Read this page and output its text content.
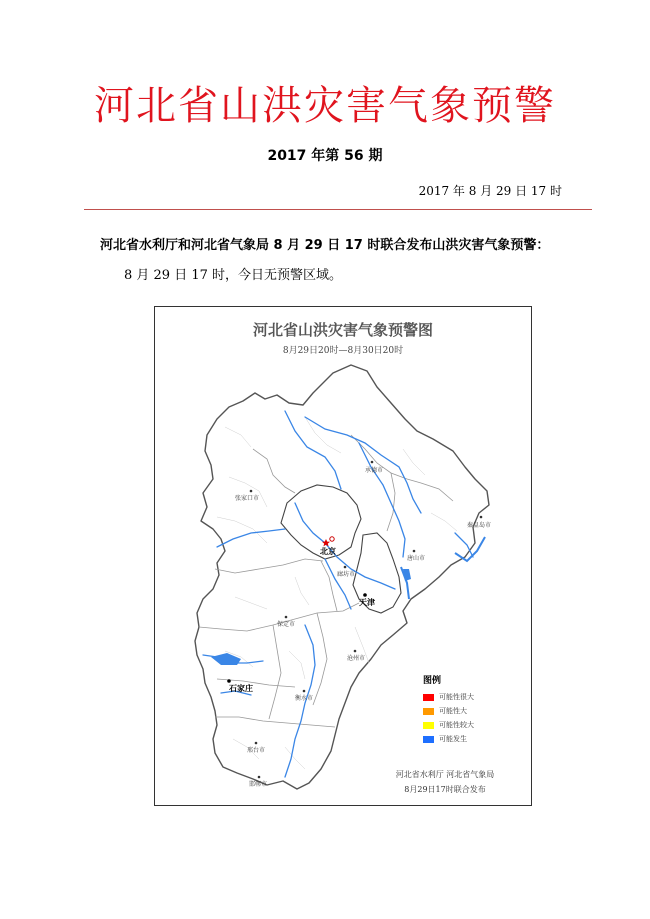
河北省山洪灾害气象预警
2017 年第 56 期
2017 年 8 月 29 日 17 时
河北省水利厅和河北省气象局 8 月 29 日 17 时联合发布山洪灾害气象预警：
8 月 29 日 17 时，今日无预警区域。
河北省山洪灾害气象预警图
8月29日20时—8月30日20时
承德市
张家口市
秦皇岛市
北京
唐山市
廊坊市
天津
保定市
沧州市
石家庄
衡水市
邢台市
邯郸市
图例
可能性很大
可能性大
可能性较大
可能发生
河北省水利厅 河北省气象局
8月29日17时联合发布
